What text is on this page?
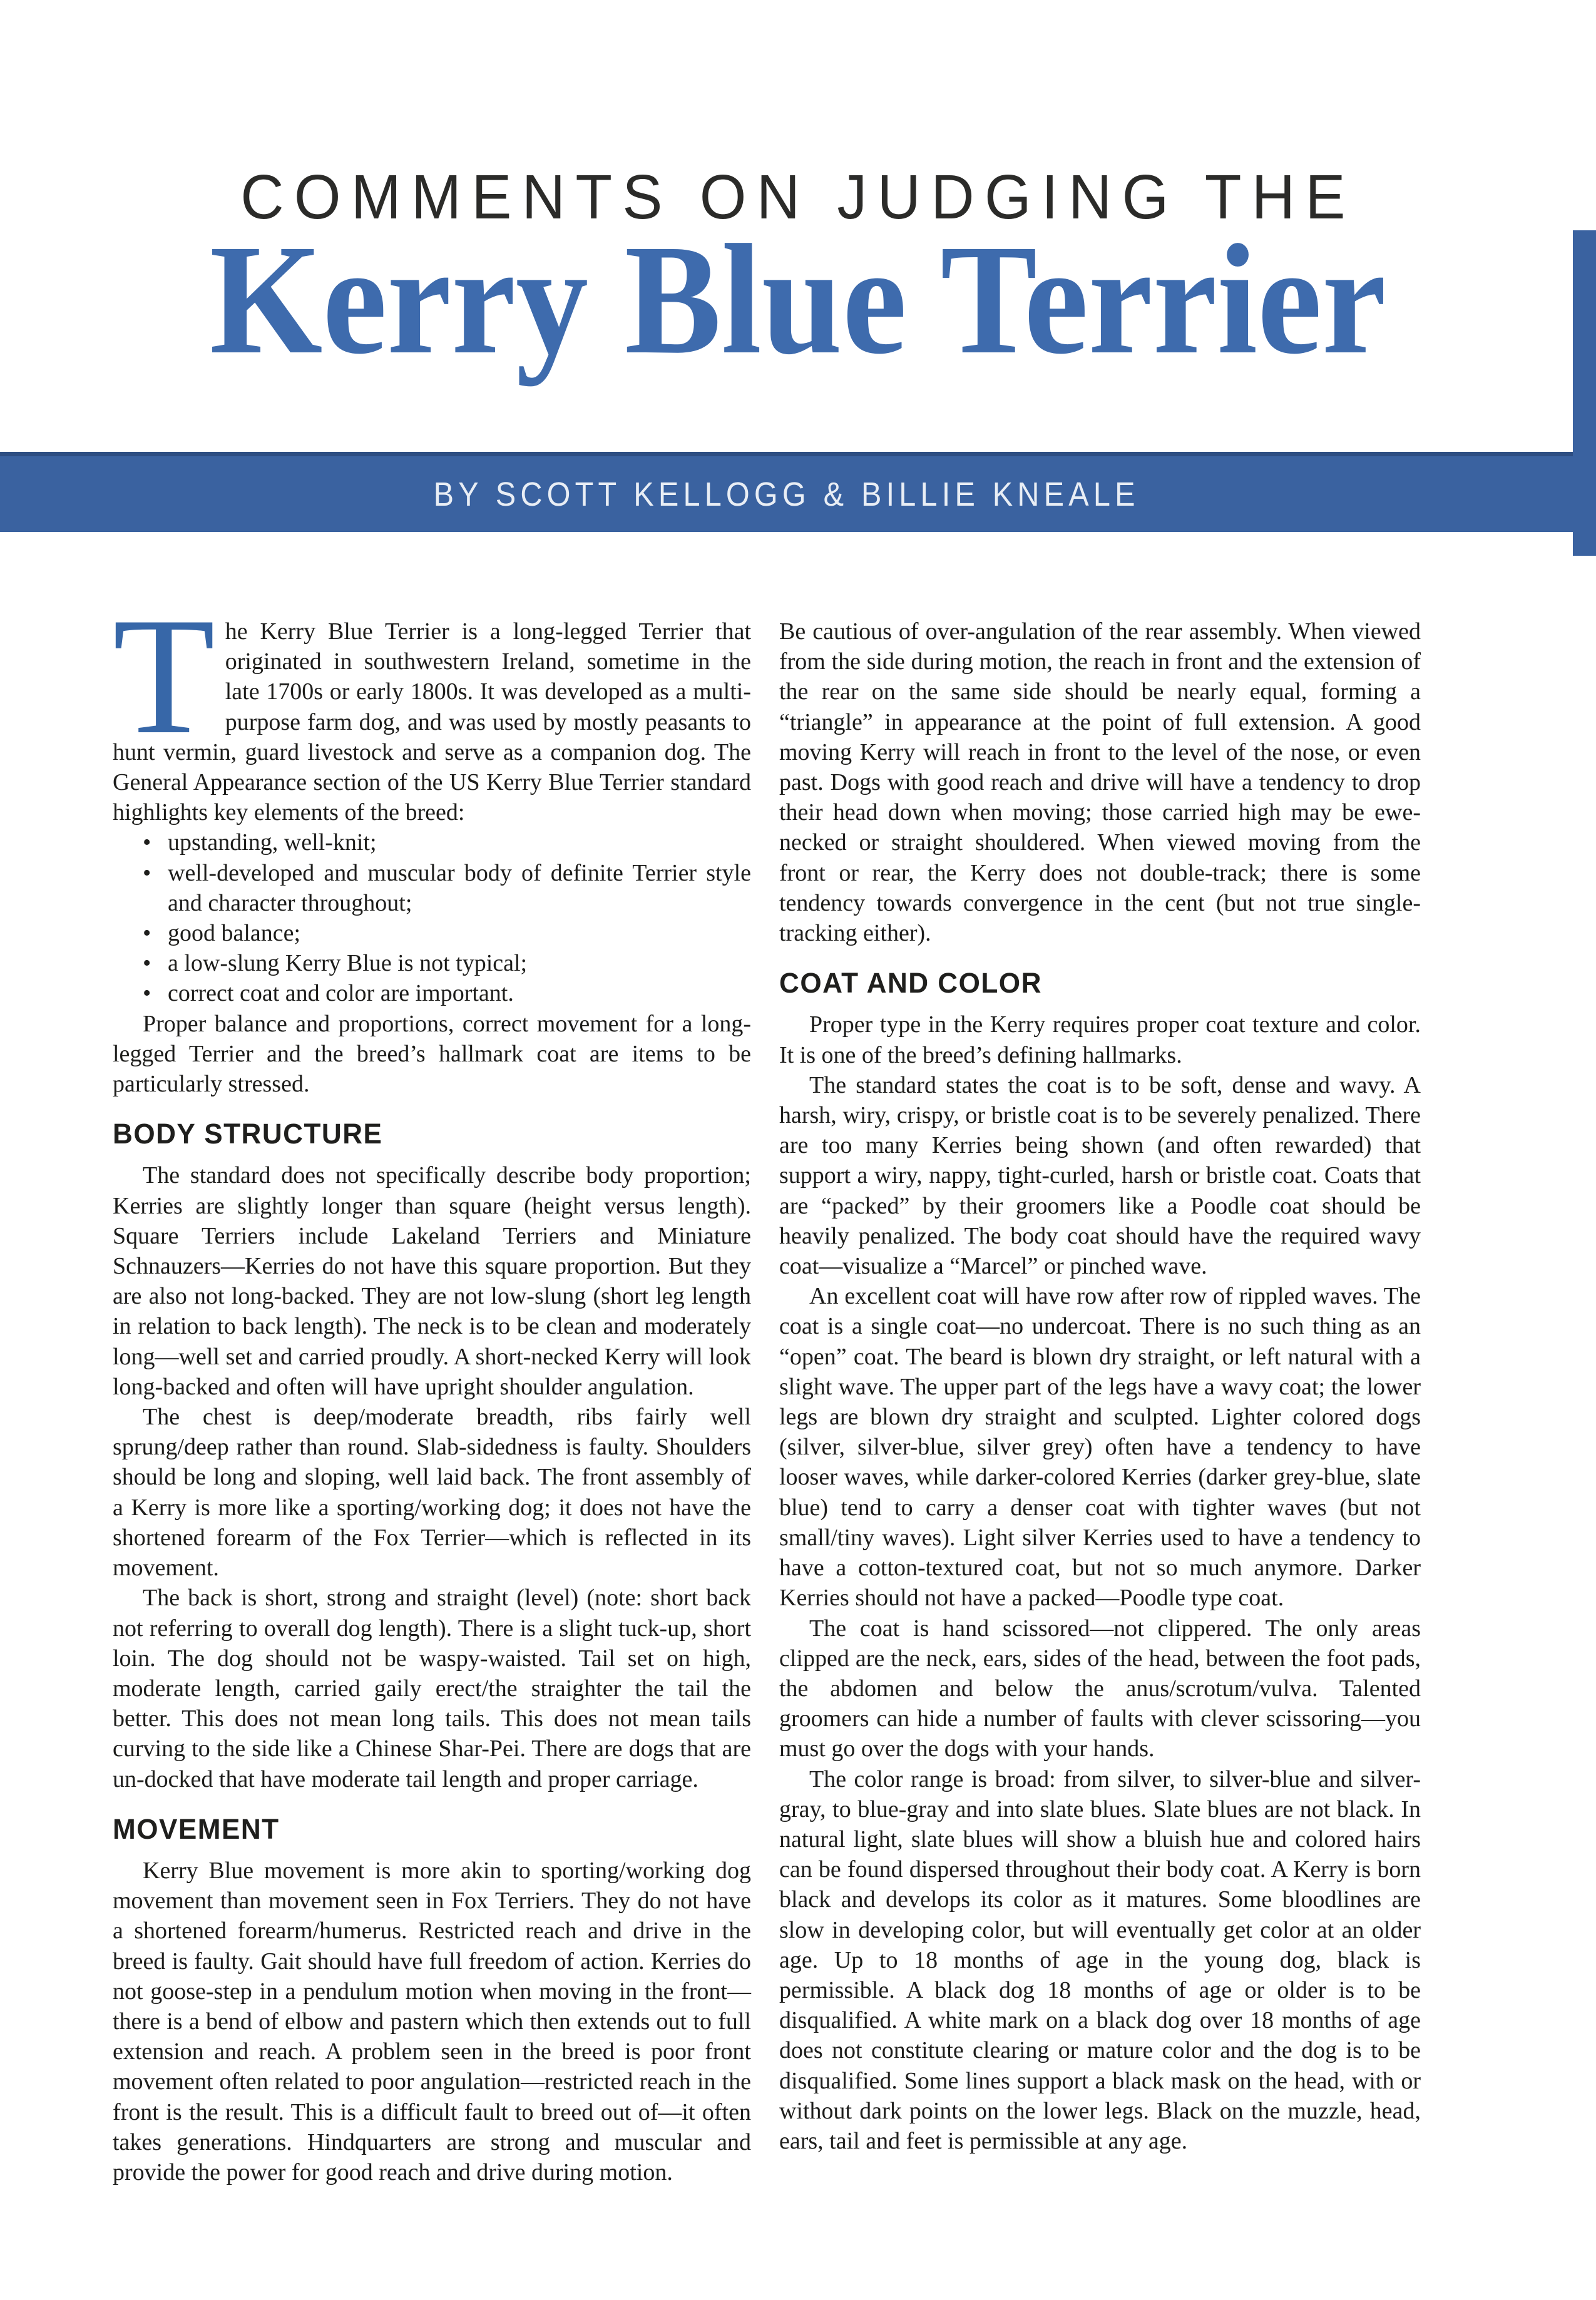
COMMENTS ON JUDGING THE
Kerry Blue Terrier
BY SCOTT KELLOGG & BILLIE KNEALE

The Kerry Blue Terrier is a long-legged Terrier that originated in southwestern Ireland, sometime in the late 1700s or early 1800s. It was developed as a multi-purpose farm dog, and was used by mostly peasants to hunt vermin, guard livestock and serve as a companion dog. The General Appearance section of the US Kerry Blue Terrier standard highlights key elements of the breed:

• upstanding, well-knit;
• well-developed and muscular body of definite Terrier style and character throughout;
• good balance;
• a low-slung Kerry Blue is not typical;
• correct coat and color are important.

Proper balance and proportions, correct movement for a long-legged Terrier and the breed’s hallmark coat are items to be particularly stressed.

BODY STRUCTURE

The standard does not specifically describe body proportion; Kerries are slightly longer than square (height versus length). Square Terriers include Lakeland Terriers and Miniature Schnauzers—Kerries do not have this square proportion. But they are also not long-backed. They are not low-slung (short leg length in relation to back length). The neck is to be clean and moderately long—well set and carried proudly. A short-necked Kerry will look long-backed and often will have upright shoulder angulation.

The chest is deep/moderate breadth, ribs fairly well sprung/deep rather than round. Slab-sidedness is faulty. Shoulders should be long and sloping, well laid back. The front assembly of a Kerry is more like a sporting/working dog; it does not have the shortened forearm of the Fox Terrier—which is reflected in its movement.

The back is short, strong and straight (level) (note: short back not referring to overall dog length). There is a slight tuck-up, short loin. The dog should not be waspy-waisted. Tail set on high, moderate length, carried gaily erect/the straighter the tail the better. This does not mean long tails. This does not mean tails curving to the side like a Chinese Shar-Pei. There are dogs that are un-docked that have moderate tail length and proper carriage.

MOVEMENT

Kerry Blue movement is more akin to sporting/working dog movement than movement seen in Fox Terriers. They do not have a shortened forearm/humerus. Restricted reach and drive in the breed is faulty. Gait should have full freedom of action. Kerries do not goose-step in a pendulum motion when moving in the front—there is a bend of elbow and pastern which then extends out to full extension and reach. A problem seen in the breed is poor front movement often related to poor angulation—restricted reach in the front is the result. This is a difficult fault to breed out of—it often takes generations. Hindquarters are strong and muscular and provide the power for good reach and drive during motion.

Be cautious of over-angulation of the rear assembly. When viewed from the side during motion, the reach in front and the extension of the rear on the same side should be nearly equal, forming a “triangle” in appearance at the point of full extension. A good moving Kerry will reach in front to the level of the nose, or even past. Dogs with good reach and drive will have a tendency to drop their head down when moving; those carried high may be ewe-necked or straight shouldered. When viewed moving from the front or rear, the Kerry does not double-track; there is some tendency towards convergence in the cent (but not true single-tracking either).

COAT AND COLOR

Proper type in the Kerry requires proper coat texture and color. It is one of the breed’s defining hallmarks.

The standard states the coat is to be soft, dense and wavy. A harsh, wiry, crispy, or bristle coat is to be severely penalized. There are too many Kerries being shown (and often rewarded) that support a wiry, nappy, tight-curled, harsh or bristle coat. Coats that are “packed” by their groomers like a Poodle coat should be heavily penalized. The body coat should have the required wavy coat—visualize a “Marcel” or pinched wave.

An excellent coat will have row after row of rippled waves. The coat is a single coat—no undercoat. There is no such thing as an “open” coat. The beard is blown dry straight, or left natural with a slight wave. The upper part of the legs have a wavy coat; the lower legs are blown dry straight and sculpted. Lighter colored dogs (silver, silver-blue, silver grey) often have a tendency to have looser waves, while darker-colored Kerries (darker grey-blue, slate blue) tend to carry a denser coat with tighter waves (but not small/tiny waves). Light silver Kerries used to have a tendency to have a cotton-textured coat, but not so much anymore. Darker Kerries should not have a packed—Poodle type coat.

The coat is hand scissored—not clippered. The only areas clipped are the neck, ears, sides of the head, between the foot pads, the abdomen and below the anus/scrotum/vulva. Talented groomers can hide a number of faults with clever scissoring—you must go over the dogs with your hands.

The color range is broad: from silver, to silver-blue and silver-gray, to blue-gray and into slate blues. Slate blues are not black. In natural light, slate blues will show a bluish hue and colored hairs can be found dispersed throughout their body coat. A Kerry is born black and develops its color as it matures. Some bloodlines are slow in developing color, but will eventually get color at an older age. Up to 18 months of age in the young dog, black is permissible. A black dog 18 months of age or older is to be disqualified. A white mark on a black dog over 18 months of age does not constitute clearing or mature color and the dog is to be disqualified. Some lines support a black mask on the head, with or without dark points on the lower legs. Black on the muzzle, head, ears, tail and feet is permissible at any age.
